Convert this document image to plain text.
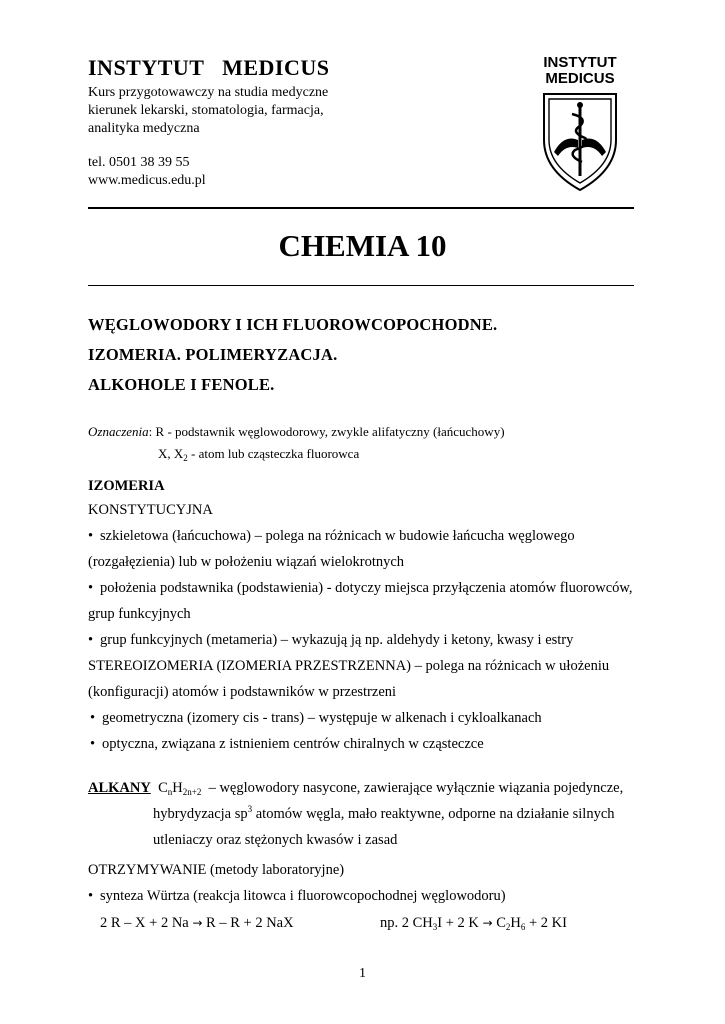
INSTYTUT   MEDICUS
Kurs przygotowawczy na studia medyczne
kierunek lekarski, stomatologia, farmacja,
analityka medyczna
tel. 0501 38 39 55
www.medicus.edu.pl
INSTYTUT
MEDICUS
CHEMIA 10
WĘGLOWODORY I ICH FLUOROWCOPOCHODNE.
IZOMERIA. POLIMERYZACJA.
ALKOHOLE I FENOLE.
Oznaczenia: R - podstawnik węglowodorowy, zwykle alifatyczny (łańcuchowy)
X, $X_2$ - atom lub cząsteczka fluorowca
IZOMERIA
KONSTYTUCYJNA
• szkieletowa (łańcuchowa) – polega na różnicach w budowie łańcucha węglowego
(rozgałęzienia) lub w położeniu wiązań wielokrotnych
• położenia podstawnika (podstawienia) - dotyczy miejsca przyłączenia atomów fluorowców,
grup funkcyjnych
• grup funkcyjnych (metameria) – wykazują ją np. aldehydy i ketony, kwasy i estry
STEREOIZOMERIA (IZOMERIA PRZESTRZENNA) – polega na różnicach w ułożeniu
(konfiguracji) atomów i podstawników w przestrzeni
• geometryczna (izomery cis - trans) – występuje w alkenach i cykloalkanach
• optyczna, związana z istnieniem centrów chiralnych w cząsteczce
ALKANY $C_nH_{2n+2}$ – węglowodory nasycone, zawierające wyłącznie wiązania pojedyncze,
hybrydyzacja $sp^3$ atomów węgla, mało reaktywne, odporne na działanie silnych
utleniaczy oraz stężonych kwasów i zasad
OTRZYMYWANIE (metody laboratoryjne)
• synteza Würtza (reakcja litowca i fluorowcopochodnej węglowodoru)
2 R – X + 2 Na → R – R + 2 NaX	np. 2 $CH_3I + 2$ $K \to C_2H_6 + 2$ KI
1
